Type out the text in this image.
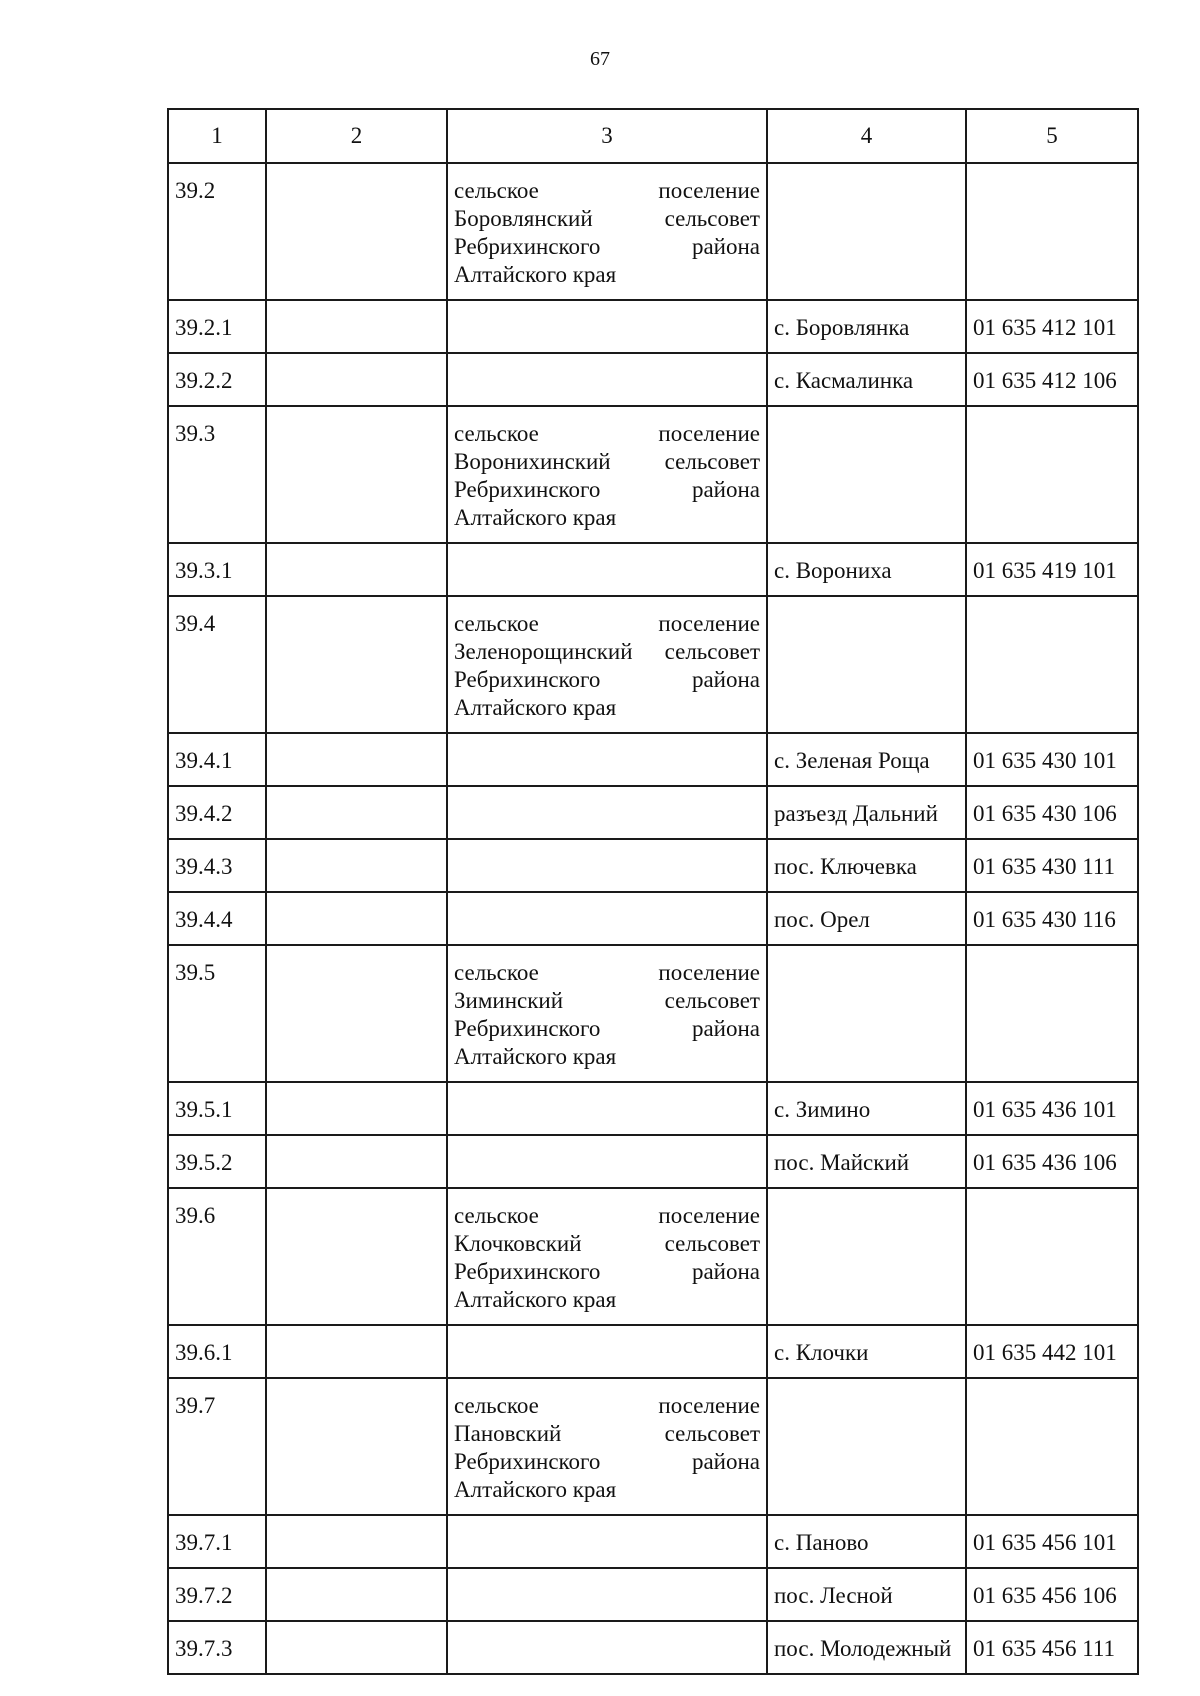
67
1	2	3	4	5
39.2		сельское поселение
Боровлянский сельсовет
Ребрихинского района
Алтайского края		

39.2.1			с. Боровлянка	01 635 412 101
39.2.2			с. Касмалинка	01 635 412 106
39.3		сельское поселение
Воронихинский сельсовет
Ребрихинского района
Алтайского края		

39.3.1			с. Ворониха	01 635 419 101
39.4		сельское поселение
Зеленорощинский сельсовет
Ребрихинского района
Алтайского края		

39.4.1			с. Зеленая Роща	01 635 430 101
39.4.2			разъезд Дальний	01 635 430 106
39.4.3			пос. Ключевка	01 635 430 111
39.4.4			пос. Орел	01 635 430 116
39.5		сельское поселение
Зиминский сельсовет
Ребрихинского района
Алтайского края		

39.5.1			с. Зимино	01 635 436 101
39.5.2			пос. Майский	01 635 436 106
39.6		сельское поселение
Клочковский сельсовет
Ребрихинского района
Алтайского края		

39.6.1			с. Клочки	01 635 442 101
39.7		сельское поселение
Пановский сельсовет
Ребрихинского района
Алтайского края		

39.7.1			с. Паново	01 635 456 101
39.7.2			пос. Лесной	01 635 456 106
39.7.3			пос. Молодежный	01 635 456 111
